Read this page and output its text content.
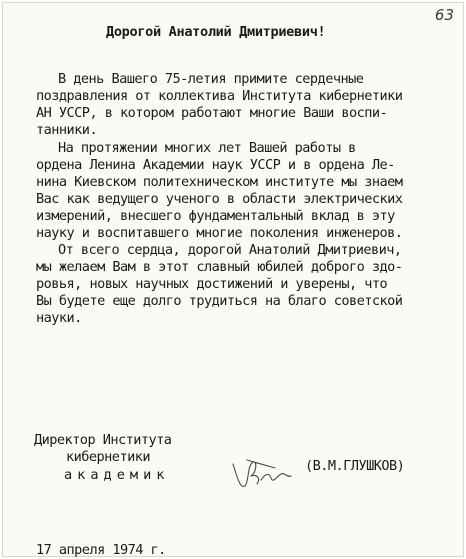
63
Дорогой Анатолий Дмитриевич!
В день Вашего 75-летия примите сердечные
поздравления от коллектива Института кибернетики
АН УССР, в котором работают многие Ваши воспи-
танники.
На протяжении многих лет Вашей работы в
ордена Ленина Академии наук УССР и в ордена Ле-
нина Киевском политехническом институте мы знаем
Вас как ведущего ученого в области электрических
измерений, внесшего фундаментальный вклад в эту
науку и воспитавшего многие поколения инженеров.
От всего сердца, дорогой Анатолий Дмитриевич,
мы желаем Вам в этот славный юбилей доброго здо-
ровья, новых научных достижений и уверены, что
Вы будете еще долго трудиться на благо советской
науки.
Директор Института
кибернетики
академик
(В.М.ГЛУШКОВ)
17 апреля 1974 г.
